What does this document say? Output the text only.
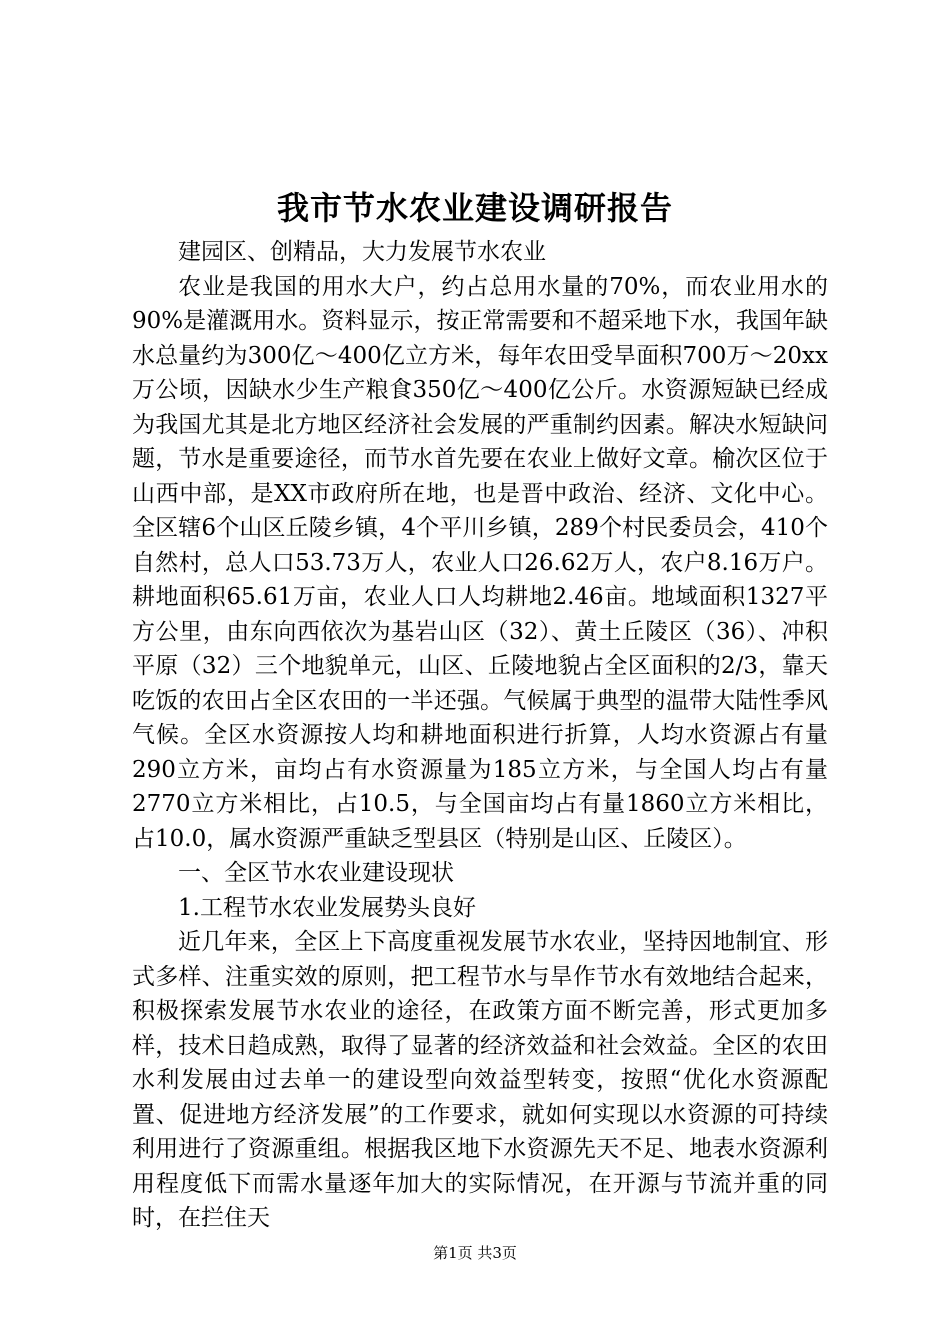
我市节水农业建设调研报告

建园区、创精品，大力发展节水农业

农业是我国的用水大户，约占总用水量的70%，而农业用水的90%是灌溉用水。资料显示，按正常需要和不超采地下水，我国年缺水总量约为300亿～400亿立方米，每年农田受旱面积700万～20xx万公顷，因缺水少生产粮食350亿～400亿公斤。水资源短缺已经成为我国尤其是北方地区经济社会发展的严重制约因素。解决水短缺问题，节水是重要途径，而节水首先要在农业上做好文章。榆次区位于山西中部，是XX市政府所在地，也是晋中政治、经济、文化中心。全区辖6个山区丘陵乡镇，4个平川乡镇，289个村民委员会，410个自然村，总人口53.73万人，农业人口26.62万人，农户8.16万户。耕地面积65.61万亩，农业人口人均耕地2.46亩。地域面积1327平方公里，由东向西依次为基岩山区（32）、黄土丘陵区（36）、冲积平原（32）三个地貌单元，山区、丘陵地貌占全区面积的2/3，靠天吃饭的农田占全区农田的一半还强。气候属于典型的温带大陆性季风气候。全区水资源按人均和耕地面积进行折算，人均水资源占有量290立方米，亩均占有水资源量为185立方米，与全国人均占有量2770立方米相比，占10.5，与全国亩均占有量1860立方米相比，占10.0，属水资源严重缺乏型县区（特别是山区、丘陵区）。

一、全区节水农业建设现状

1.工程节水农业发展势头良好

近几年来，全区上下高度重视发展节水农业，坚持因地制宜、形式多样、注重实效的原则，把工程节水与旱作节水有效地结合起来，积极探索发展节水农业的途径，在政策方面不断完善，形式更加多样，技术日趋成熟，取得了显著的经济效益和社会效益。全区的农田水利发展由过去单一的建设型向效益型转变，按照“优化水资源配置、促进地方经济发展”的工作要求，就如何实现以水资源的可持续利用进行了资源重组。根据我区地下水资源先天不足、地表水资源利用程度低下而需水量逐年加大的实际情况，在开源与节流并重的同时，在拦住天

第1页 共3页
